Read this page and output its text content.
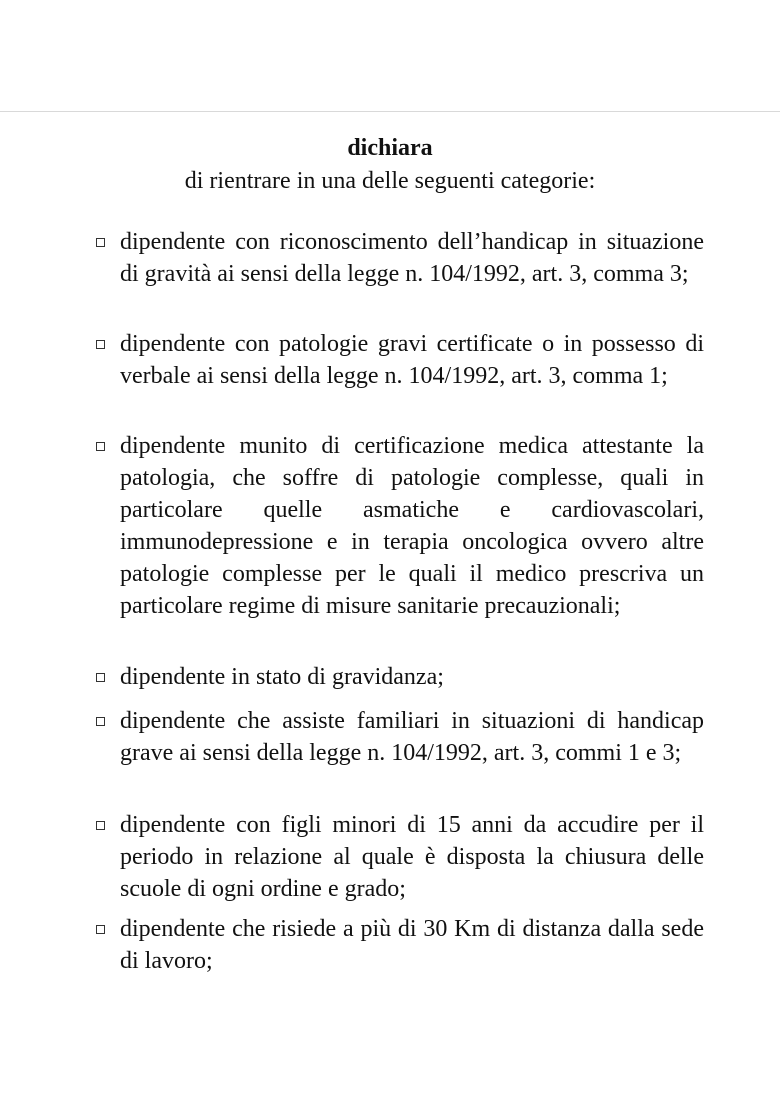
dichiara
di rientrare in una delle seguenti categorie:
dipendente con riconoscimento dell’handicap in situazione di gravità ai sensi della legge n. 104/1992, art. 3, comma 3;
dipendente con patologie gravi certificate o in possesso di verbale ai sensi della legge n. 104/1992, art. 3, comma 1;
dipendente munito di certificazione medica attestante la patologia, che soffre di patologie complesse, quali in particolare quelle asmatiche e cardiovascolari, immunodepressione e in terapia oncologica ovvero altre patologie complesse per le quali il medico prescriva un particolare regime di misure sanitarie precauzionali;
dipendente in stato di gravidanza;
dipendente che assiste familiari in situazioni di handicap grave ai sensi della legge n. 104/1992, art. 3, commi 1 e 3;
dipendente con figli minori di 15 anni da accudire per il periodo in relazione al quale è disposta la chiusura delle scuole di ogni ordine e grado;
dipendente che risiede a più di 30 Km di distanza dalla sede di lavoro;
